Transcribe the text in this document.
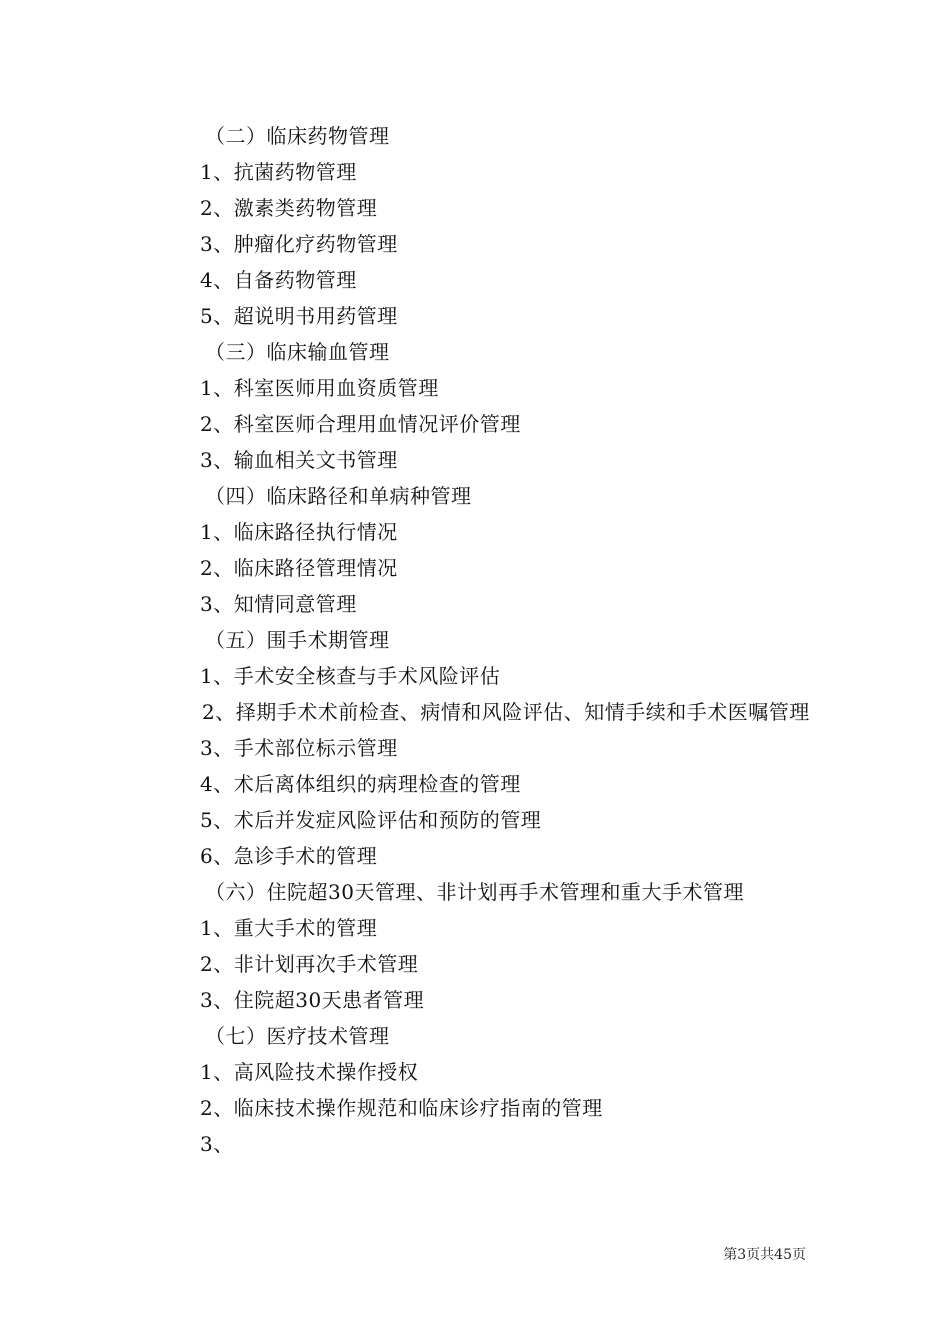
（二）临床药物管理
1、抗菌药物管理
2、激素类药物管理
3、肿瘤化疗药物管理
4、自备药物管理
5、超说明书用药管理
（三）临床输血管理
1、科室医师用血资质管理
2、科室医师合理用血情况评价管理
3、输血相关文书管理
（四）临床路径和单病种管理
1、临床路径执行情况
2、临床路径管理情况
3、知情同意管理
（五）围手术期管理
1、手术安全核查与手术风险评估
2、择期手术术前检查、病情和风险评估、知情手续和手术医嘱管理
3、手术部位标示管理
4、术后离体组织的病理检查的管理
5、术后并发症风险评估和预防的管理
6、急诊手术的管理
（六）住院超30天管理、非计划再手术管理和重大手术管理
1、重大手术的管理
2、非计划再次手术管理
3、住院超30天患者管理
（七）医疗技术管理
1、高风险技术操作授权
2、临床技术操作规范和临床诊疗指南的管理
3、
第3页共45页
